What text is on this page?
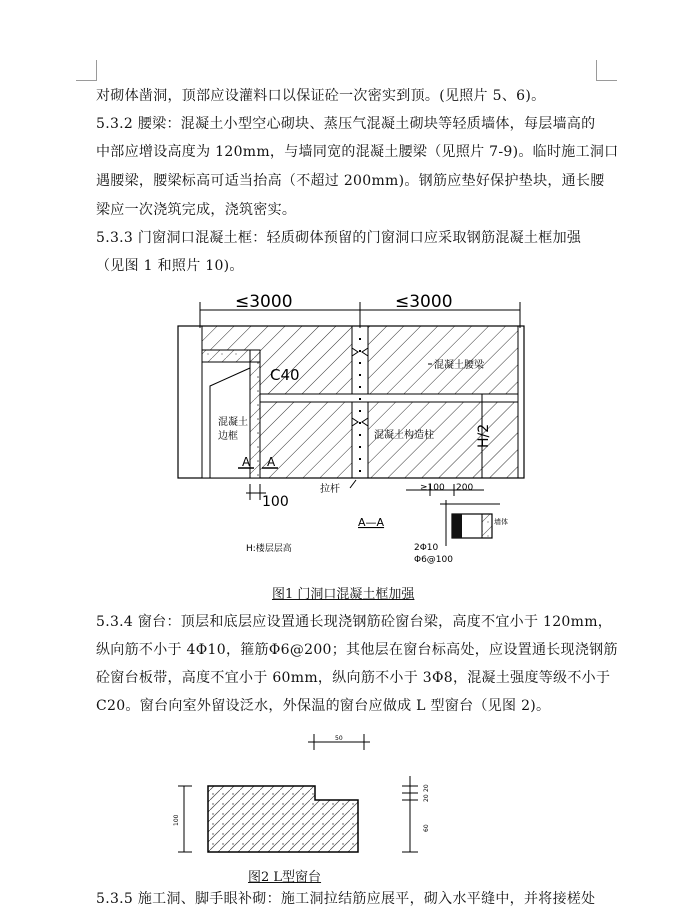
对砌体凿洞，顶部应设灌料口以保证砼一次密实到顶。(见照片 5、6)。
5.3.2 腰梁：混凝土小型空心砌块、蒸压气混凝土砌块等轻质墙体，每层墙高的
中部应增设高度为 120mm，与墙同宽的混凝土腰梁（见照片 7-9)。临时施工洞口
遇腰梁，腰梁标高可适当抬高（不超过 200mm)。钢筋应垫好保护垫块，通长腰
梁应一次浇筑完成，浇筑密实。
5.3.3 门窗洞口混凝土框：轻质砌体预留的门窗洞口应采取钢筋混凝土框加强
（见图 1 和照片 10)。
≤3000	≤3000
C40
混凝土腰梁
混凝土
边框	混凝土构造柱
A A
H/2
100
拉杆	≥100 200
A—A
H:楼层层高
墙体
2Φ10
Φ6@100
图1 门洞口混凝土框加强
5.3.4 窗台：顶层和底层应设置通长现浇钢筋砼窗台梁，高度不宜小于 120mm，
纵向筋不小于 4Φ10，箍筋Φ6@200；其他层在窗台标高处，应设置通长现浇钢筋
砼窗台板带，高度不宜小于 60mm，纵向筋不小于 3Φ8，混凝土强度等级不小于
C20。窗台向室外留设泛水，外保温的窗台应做成 L 型窗台（见图 2)。
50
100
20
20
60
图2 L型窗台
5.3.5 施工洞、脚手眼补砌：施工洞拉结筋应展平，砌入水平缝中，并将接槎处
